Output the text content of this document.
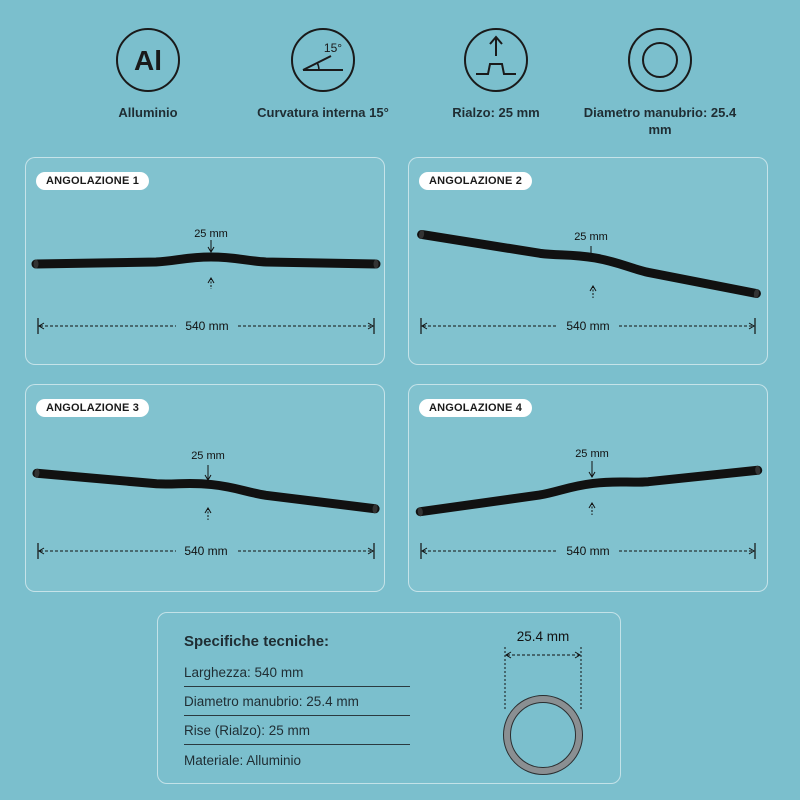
Al
Alluminio
15°
Curvatura interna 15°	Rialzo: 25 mm	Diametro manubrio: 25.4 mm
ANGOLAZIONE 1
25 mm
540 mm
ANGOLAZIONE 2
25 mm
540 mm
ANGOLAZIONE 3
25 mm
540 mm
ANGOLAZIONE 4
25 mm
540 mm
Specifiche tecniche:
Larghezza: 540 mm
Diametro manubrio: 25.4 mm
Rise (Rialzo): 25 mm
Materiale: Alluminio
25.4 mm
